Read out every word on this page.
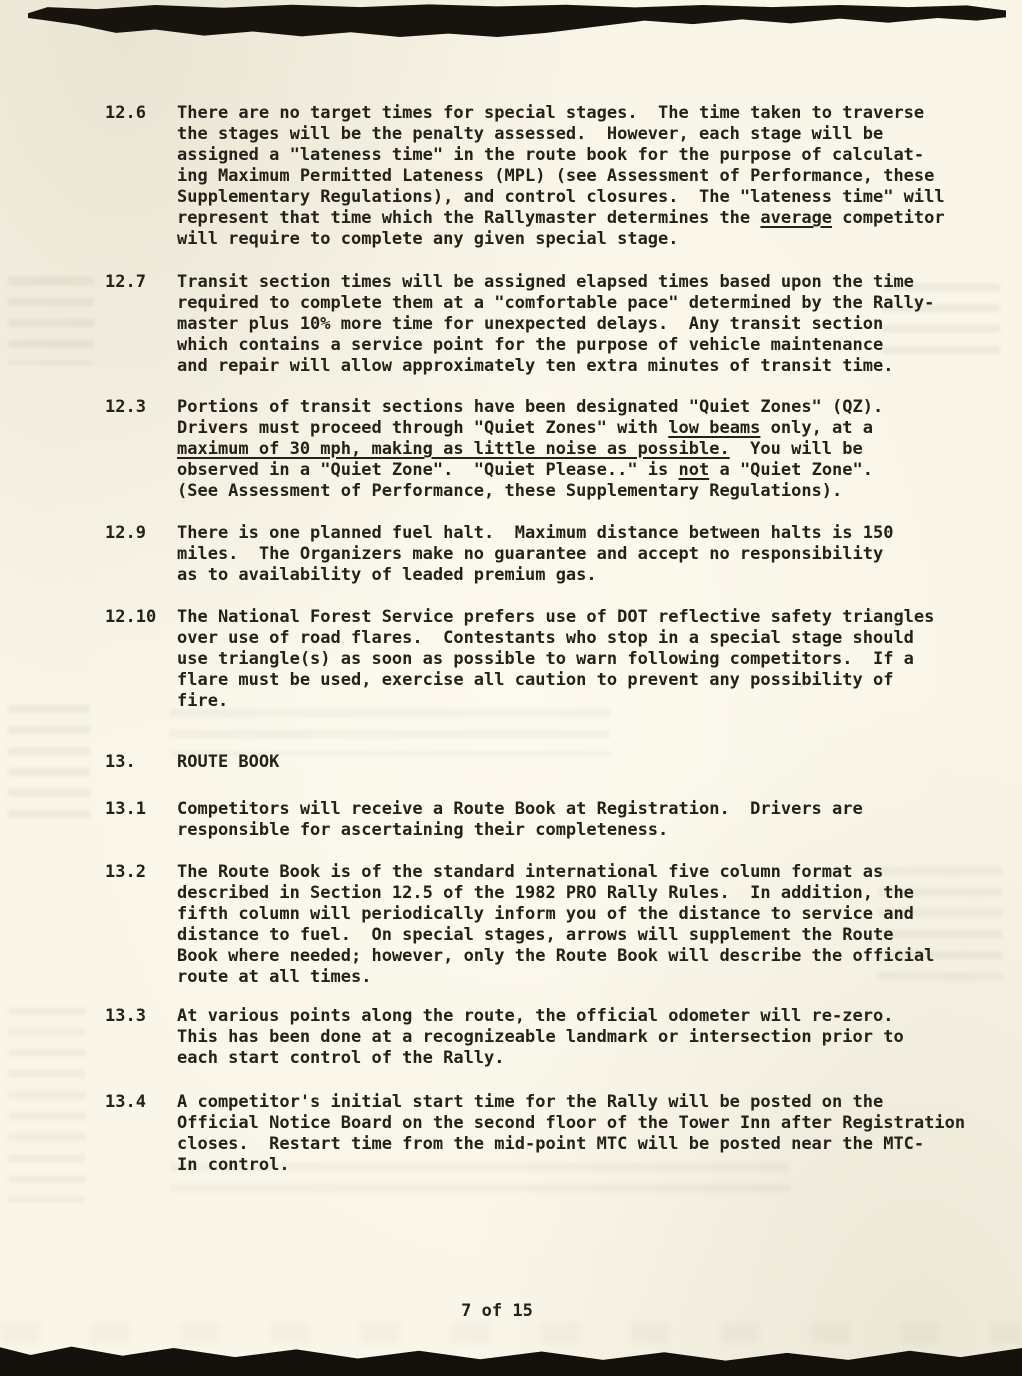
12.6	There are no target times for special stages.  The time taken to traverse
the stages will be the penalty assessed.  However, each stage will be
assigned a "lateness time" in the route book for the purpose of calculat-
ing Maximum Permitted Lateness (MPL) (see Assessment of Performance, these
Supplementary Regulations), and control closures.  The "lateness time" will
represent that time which the Rallymaster determines the average competitor
will require to complete any given special stage.
12.7	Transit section times will be assigned elapsed times based upon the time
required to complete them at a "comfortable pace" determined by the Rally-
master plus 10% more time for unexpected delays.  Any transit section
which contains a service point for the purpose of vehicle maintenance
and repair will allow approximately ten extra minutes of transit time.
12.3	Portions of transit sections have been designated "Quiet Zones" (QZ).
Drivers must proceed through "Quiet Zones" with low beams only, at a
maximum of 30 mph, making as little noise as possible.  You will be
observed in a "Quiet Zone".  "Quiet Please.." is not a "Quiet Zone".
(See Assessment of Performance, these Supplementary Regulations).
12.9	There is one planned fuel halt.  Maximum distance between halts is 150
miles.  The Organizers make no guarantee and accept no responsibility
as to availability of leaded premium gas.
12.10	The National Forest Service prefers use of DOT reflective safety triangles
over use of road flares.  Contestants who stop in a special stage should
use triangle(s) as soon as possible to warn following competitors.  If a
flare must be used, exercise all caution to prevent any possibility of
fire.
13.	ROUTE BOOK
13.1	Competitors will receive a Route Book at Registration.  Drivers are
responsible for ascertaining their completeness.
13.2	The Route Book is of the standard international five column format as
described in Section 12.5 of the 1982 PRO Rally Rules.  In addition, the
fifth column will periodically inform you of the distance to service and
distance to fuel.  On special stages, arrows will supplement the Route
Book where needed; however, only the Route Book will describe the official
route at all times.
13.3	At various points along the route, the official odometer will re-zero.
This has been done at a recognizeable landmark or intersection prior to
each start control of the Rally.
13.4	A competitor's initial start time for the Rally will be posted on the
Official Notice Board on the second floor of the Tower Inn after Registration
closes.  Restart time from the mid-point MTC will be posted near the MTC-
In control.
7 of 15
